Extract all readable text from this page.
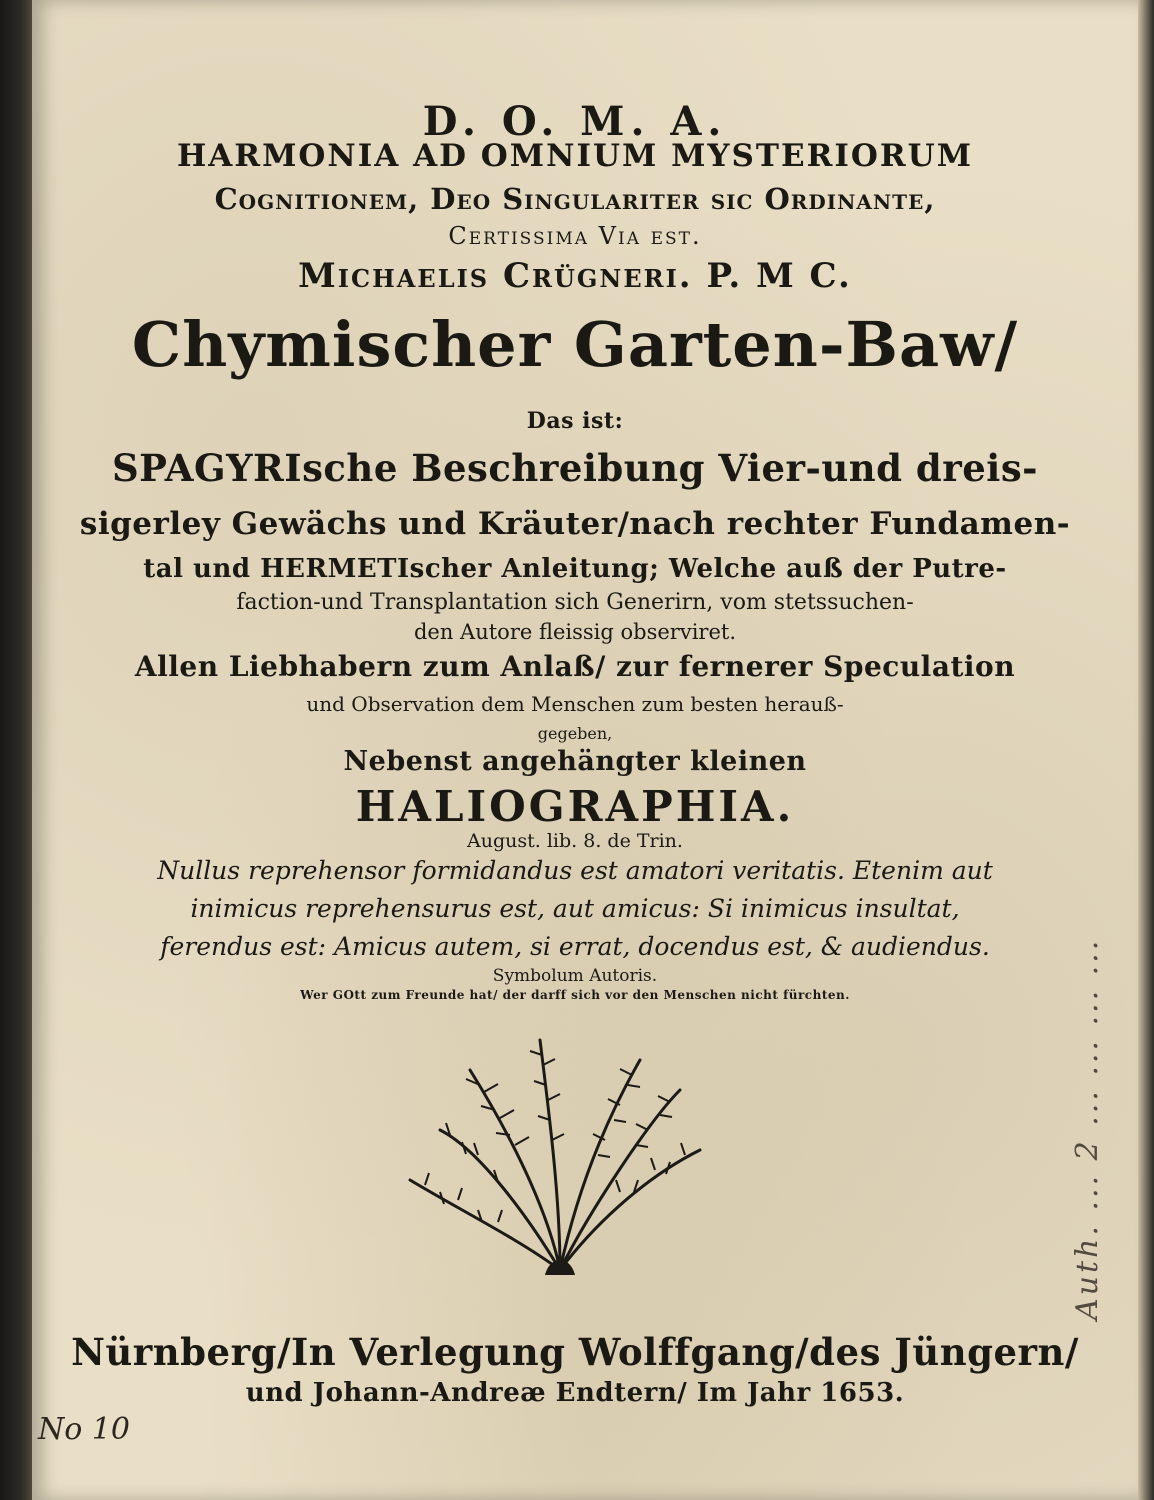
D. O. M. A.
HARMONIA AD OMNIUM MYSTERIORUM
Cognitionem, Deo Singulariter sic Ordinante,
Certissima Via est.
Michaelis Crügneri. P. M C.
Chymischer Garten-Baw/
Das ist:
SPAGYRIsche Beschreibung Vier-und dreis-
sigerley Gewächs und Kräuter/nach rechter Fundamen-
tal und HERMETIscher Anleitung; Welche auß der Putre-
faction-und Transplantation sich Generirn, vom stetssuchen-
den Autore fleissig observiret.
Allen Liebhabern zum Anlaß/ zur fernerer Speculation
und Observation dem Menschen zum besten herauß-
gegeben,
Nebenst angehängter kleinen
HALIOGRAPHIA.
August. lib. 8. de Trin.
Nullus reprehensor formidandus est amatori veritatis. Etenim aut
inimicus reprehensurus est, aut amicus: Si inimicus insultat,
ferendus est: Amicus autem, si errat, docendus est, & audiendus.
Symbolum Autoris.
Wer GOtt zum Freunde hat/ der darff sich vor den Menschen nicht fürchten.
Nürnberg/In Verlegung Wolffgang/des Jüngern/
und Johann-Andreæ Endtern/ Im Jahr 1653.
Auth. ... 2 ... ... ... ...
No 10
